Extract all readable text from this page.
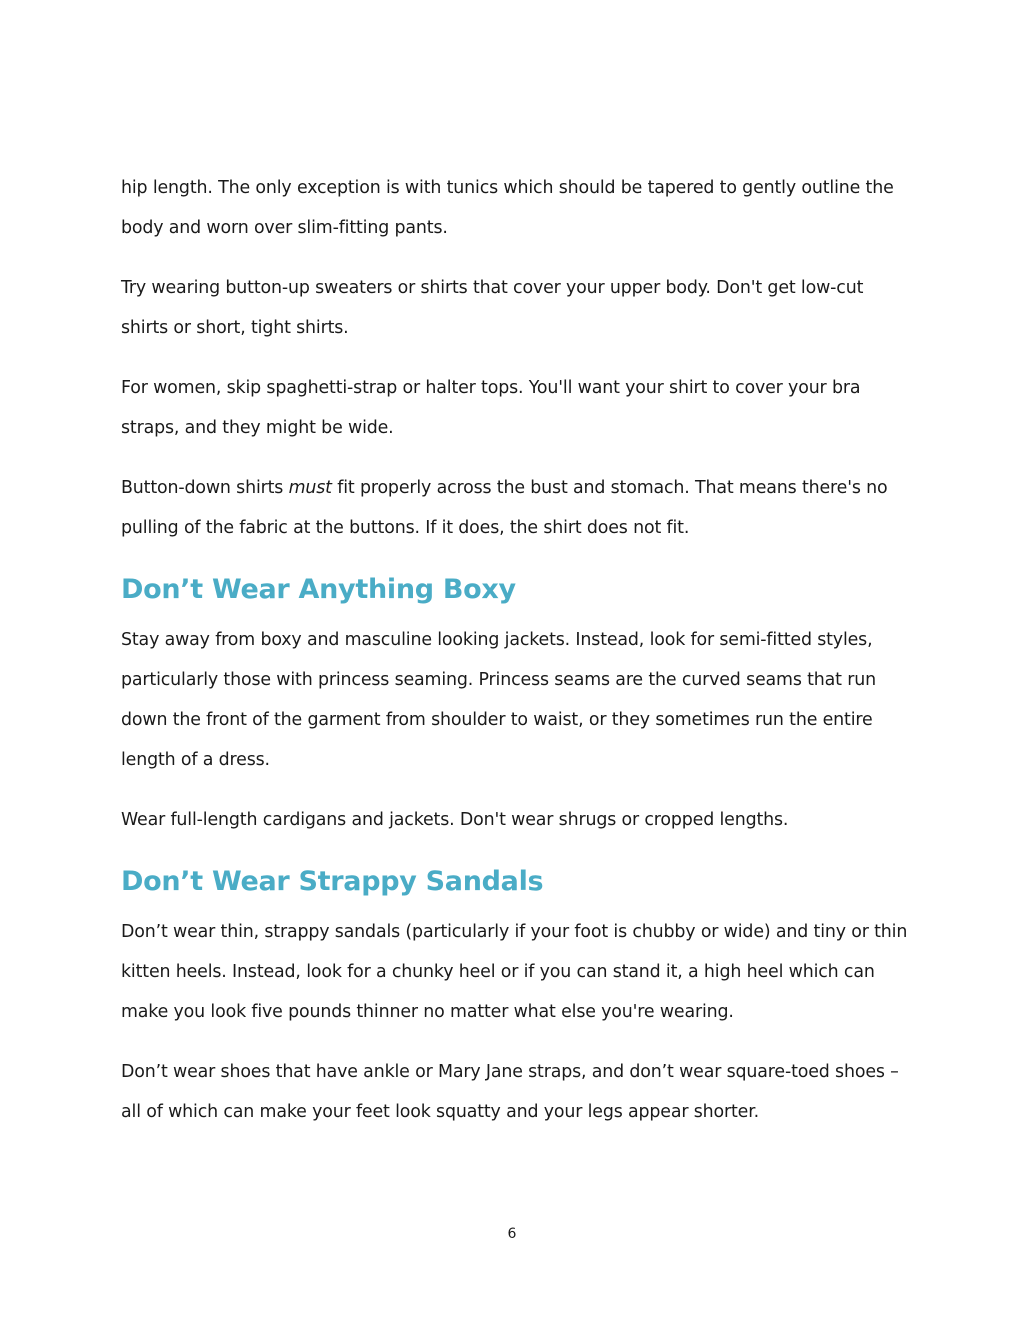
hip length. The only exception is with tunics which should be tapered to gently outline the body and worn over slim-fitting pants.

Try wearing button-up sweaters or shirts that cover your upper body. Don't get low-cut shirts or short, tight shirts.

For women, skip spaghetti-strap or halter tops. You'll want your shirt to cover your bra straps, and they might be wide.

Button-down shirts must fit properly across the bust and stomach. That means there's no pulling of the fabric at the buttons. If it does, the shirt does not fit.

Don’t Wear Anything Boxy

Stay away from boxy and masculine looking jackets. Instead, look for semi-fitted styles, particularly those with princess seaming. Princess seams are the curved seams that run down the front of the garment from shoulder to waist, or they sometimes run the entire length of a dress.

Wear full-length cardigans and jackets. Don't wear shrugs or cropped lengths.

Don’t Wear Strappy Sandals

Don’t wear thin, strappy sandals (particularly if your foot is chubby or wide) and tiny or thin kitten heels. Instead, look for a chunky heel or if you can stand it, a high heel which can make you look five pounds thinner no matter what else you're wearing.

Don’t wear shoes that have ankle or Mary Jane straps, and don’t wear square-toed shoes – all of which can make your feet look squatty and your legs appear shorter.

6
